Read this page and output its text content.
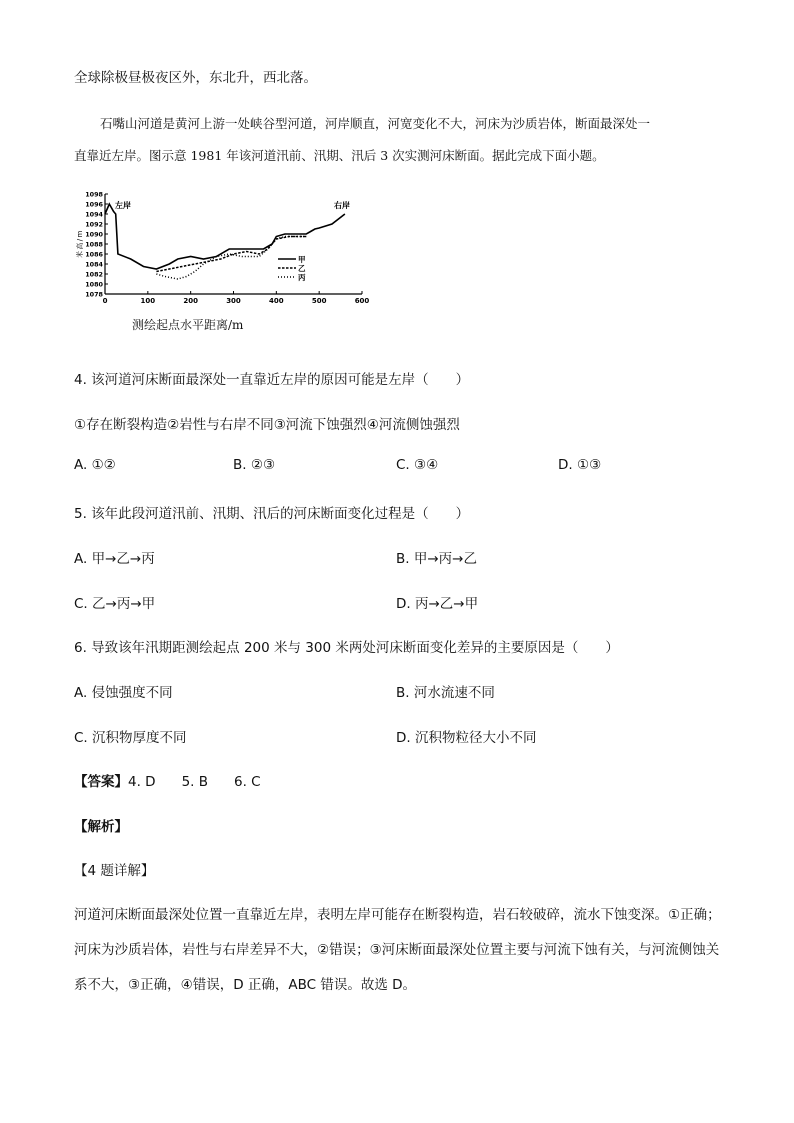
全球除极昼极夜区外，东北升，西北落。
石嘴山河道是黄河上游一处峡谷型河道，河岸顺直，河宽变化不大，河床为沙质岩体，断面最深处一
直靠近左岸。图示意 1981 年该河道汛前、汛期、汛后 3 次实测河床断面。据此完成下面小题。
0	100	200	300	400	500	600
1098
1096
1094
1092
1090
1088
1086
1084
1082
1080
1078
左岸	右岸
米 高 / m
甲
乙
丙
测绘起点水平距离/m
4. 该河道河床断面最深处一直靠近左岸的原因可能是左岸（　　）
①存在断裂构造②岩性与右岸不同③河流下蚀强烈④河流侧蚀强烈
A. ①②	B. ②③	C. ③④	D. ①③
5. 该年此段河道汛前、汛期、汛后的河床断面变化过程是（　　）
A. 甲→乙→丙	B. 甲→丙→乙
C. 乙→丙→甲	D. 丙→乙→甲
6. 导致该年汛期距测绘起点 200 米与 300 米两处河床断面变化差异的主要原因是（　　）
A. 侵蚀强度不同	B. 河水流速不同
C. 沉积物厚度不同	D. 沉积物粒径大小不同
【答案】4. D 5. B 6. C
【解析】
【4 题详解】
河道河床断面最深处位置一直靠近左岸，表明左岸可能存在断裂构造，岩石较破碎，流水下蚀变深。①正确；河床为沙质岩体，岩性与右岸差异不大，②错误；③河床断面最深处位置主要与河流下蚀有关，与河流侧蚀关系不大，③正确，④错误，D 正确，ABC 错误。故选 D。
